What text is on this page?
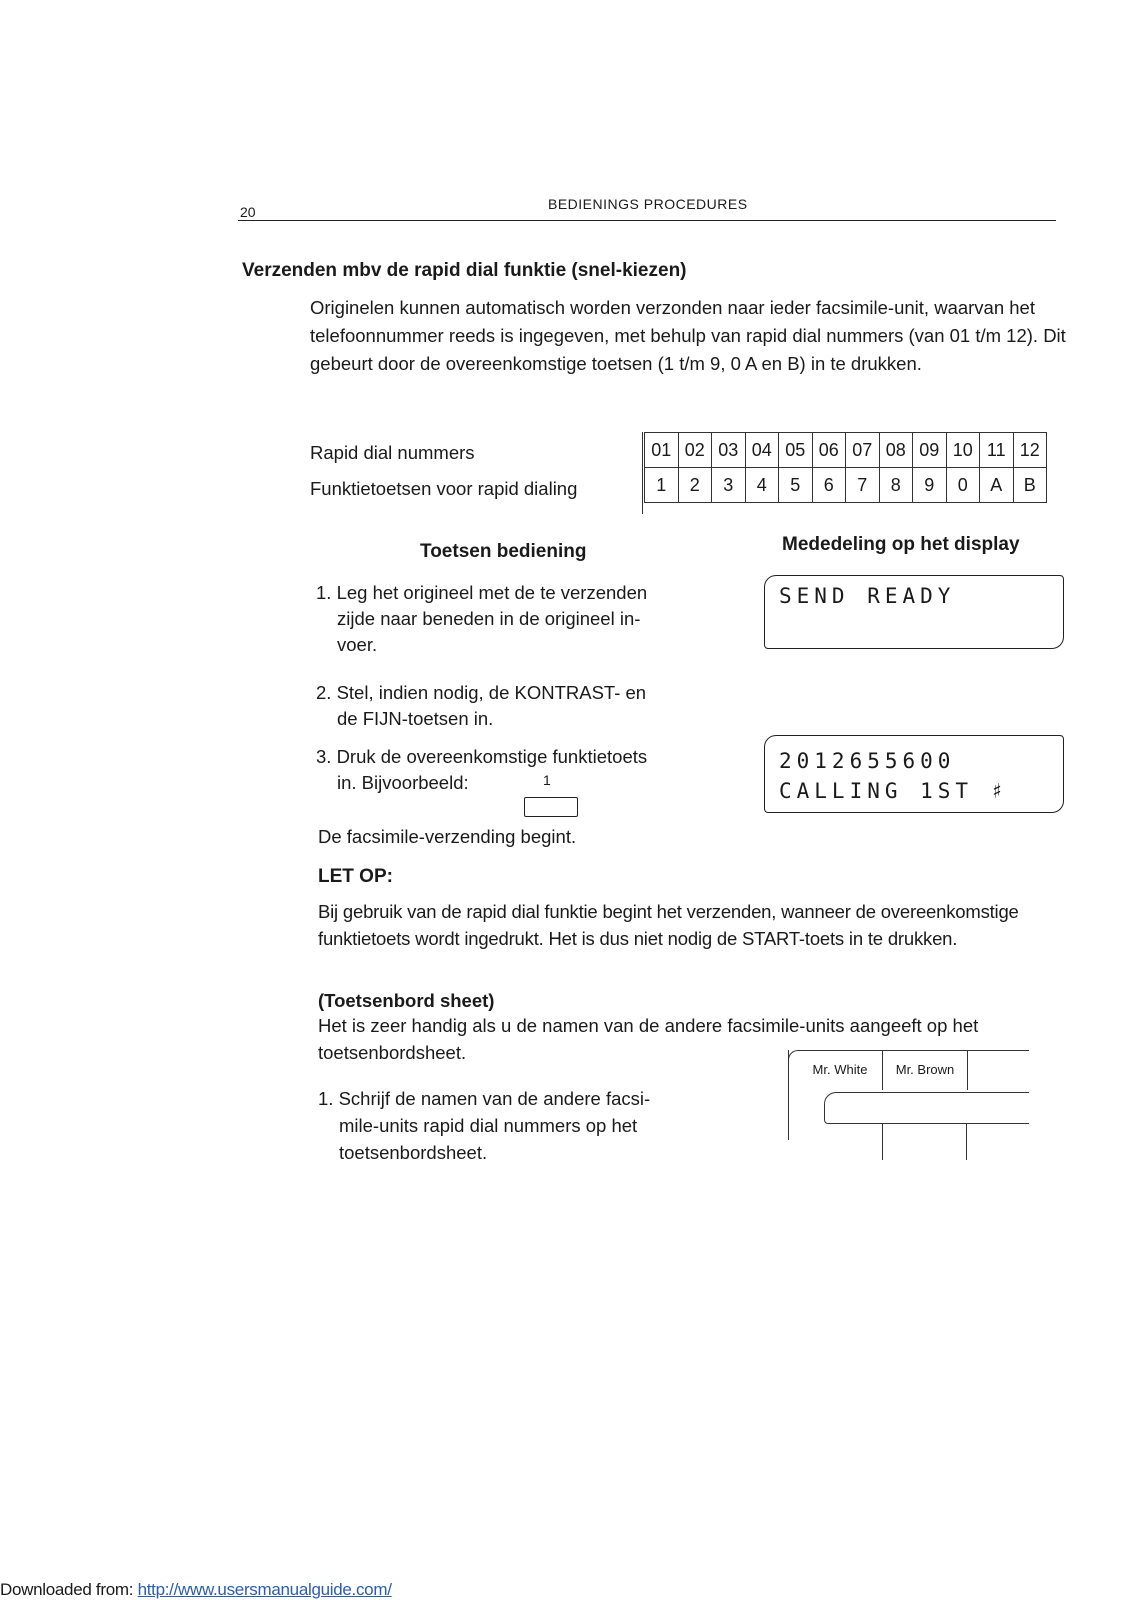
20	BEDIENINGS PROCEDURES
Verzenden mbv de rapid dial funktie (snel-kiezen)
Originelen kunnen automatisch worden verzonden naar ieder facsimile-unit, waarvan het telefoonnummer reeds is ingegeven, met behulp van rapid dial nummers (van 01 t/m 12). Dit gebeurt door de overeenkomstige toetsen (1 t/m 9, 0 A en B) in te drukken.
Rapid dial nummers
Funktietoetsen voor rapid dialing
01	02	03	04	05	06	07	08	09	10	11	12
1	2	3	4	5	6	7	8	9	0	A	B
Toetsen bediening	Mededeling op het display
1. Leg het origineel met de te verzenden
zijde naar beneden in de origineel in-
voer.
2. Stel, indien nodig, de KONTRAST- en
de FIJN-toetsen in.
3. Druk de overeenkomstige funktietoets
in. Bijvoorbeeld:	1
De facsimile-verzending begint.
SEND READY
2012655600
CALLING 1ST ♯
LET OP:
Bij gebruik van de rapid dial funktie begint het verzenden, wanneer de overeenkomstige funktietoets wordt ingedrukt. Het is dus niet nodig de START-toets in te drukken.
(Toetsenbord sheet)
Het is zeer handig als u de namen van de andere facsimile-units aangeeft op het toetsenbordsheet.
1. Schrijf de namen van de andere facsi-
mile-units rapid dial nummers op het
toetsenbordsheet.
Mr. White	Mr. Brown
Downloaded from: http://www.usersmanualguide.com/
